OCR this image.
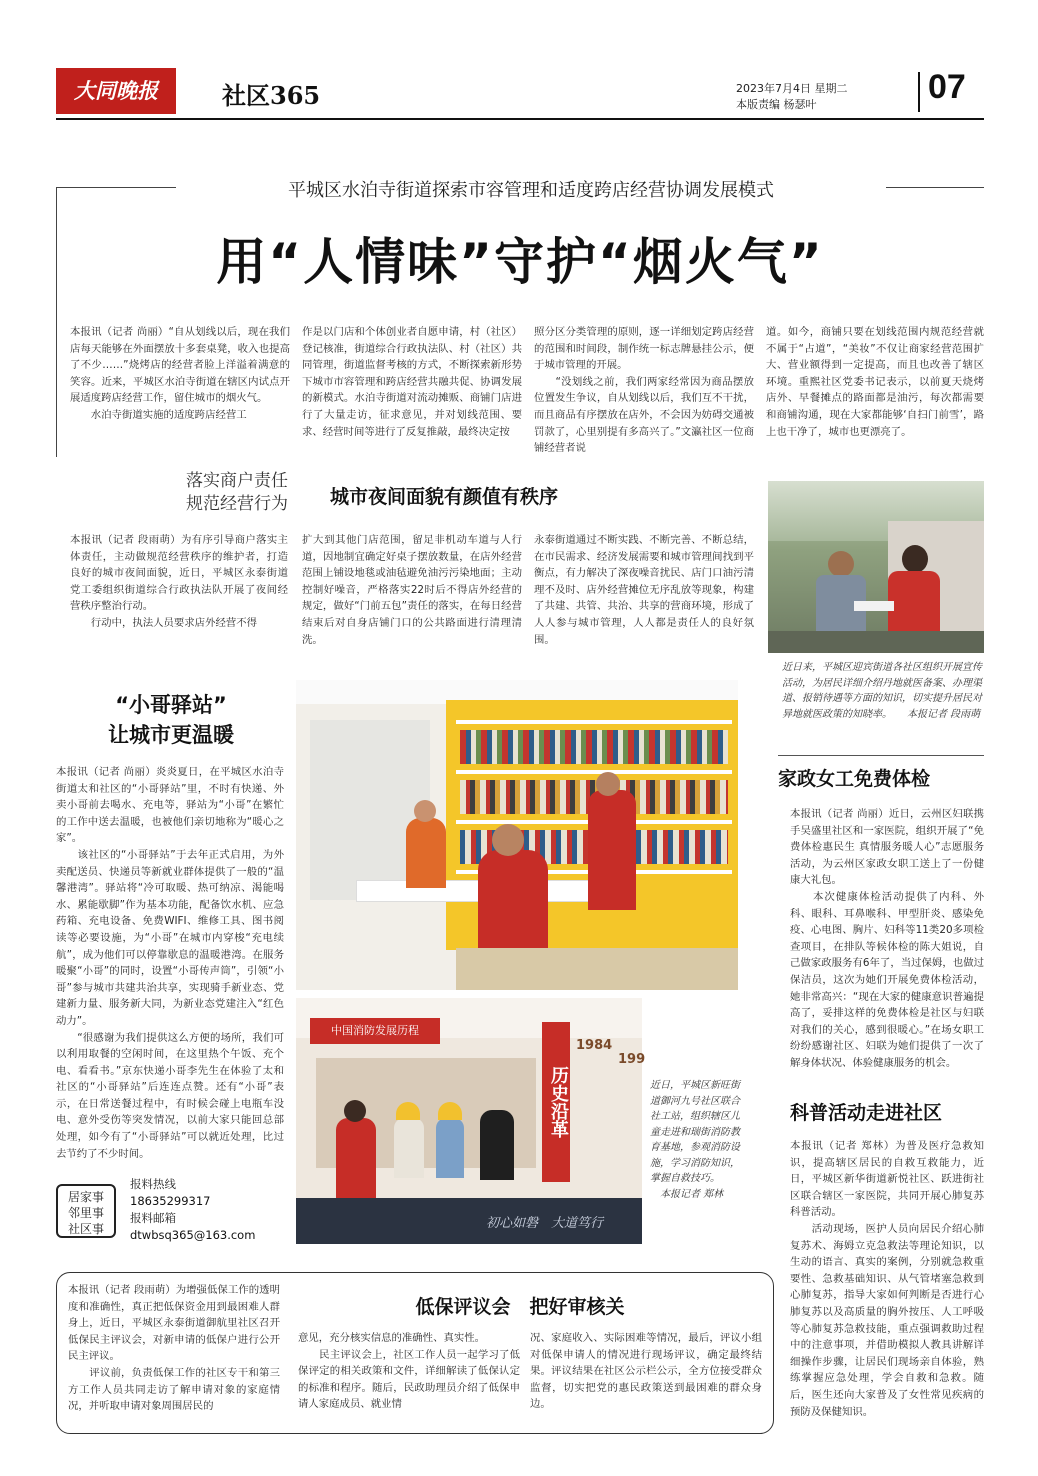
大同晚报	社区365	2023年7月4日 星期二
本版责编 杨瑟叶	07
平城区水泊寺街道探索市容管理和适度跨店经营协调发展模式
用“人情味”守护“烟火气”
本报讯（记者 尚丽）“自从划线以后，现在我们店每天能够在外面摆放十多套桌凳，收入也提高了不少……”烧烤店的经营者脸上洋溢着满意的笑容。近来，平城区水泊寺街道在辖区内试点开展适度跨店经营工作，留住城市的烟火气。
　　水泊寺街道实施的适度跨店经营工
作是以门店和个体创业者自愿申请，村（社区）登记核准，街道综合行政执法队、村（社区）共同管理，街道监督考核的方式，不断探索新形势下城市市容管理和跨店经营共融共促、协调发展的新模式。水泊寺街道对流动摊贩、商铺门店进行了大量走访，征求意见，并对划线范围、要求、经营时间等进行了反复推敲，最终决定按
照分区分类管理的原则，逐一详细划定跨店经营的范围和时间段，制作统一标志牌悬挂公示，便于城市管理的开展。
　　“没划线之前，我们两家经常因为商品摆放位置发生争议，自从划线以后，我们互不干扰，而且商品有序摆放在店外，不会因为妨碍交通被罚款了，心里别提有多高兴了。”文瀛社区一位商铺经营者说
道。如今，商铺只要在划线范围内规范经营就不属于“占道”，“美妆”不仅让商家经营范围扩大、营业额得到一定提高，而且也改善了辖区环境。重熙社区党委书记表示，以前夏天烧烤店外、早餐摊点的路面都是油污，每次都需要和商铺沟通，现在大家都能够‘自扫门前雪’，路上也干净了，城市也更漂亮了。
落实商户责任
规范经营行为	城市夜间面貌有颜值有秩序
本报讯（记者 段雨萌）为有序引导商户落实主体责任，主动做规范经营秩序的维护者，打造良好的城市夜间面貌，近日，平城区永泰街道党工委组织街道综合行政执法队开展了夜间经营秩序整治行动。
　　行动中，执法人员要求店外经营不得
扩大到其他门店范围，留足非机动车道与人行道，因地制宜确定好桌子摆放数量，在店外经营范围上铺设地毯或油毡避免油污污染地面；主动控制好噪音，严格落实22时后不得店外经营的规定，做好“门前五包”责任的落实，在每日经营结束后对自身店铺门口的公共路面进行清理清洗。
永泰街道通过不断实践、不断完善、不断总结，在市民需求、经济发展需要和城市管理间找到平衡点，有力解决了深夜噪音扰民、店门口油污清理不及时、店外经营摊位无序乱放等现象，构建了共建、共管、共治、共享的营商环境，形成了人人参与城市管理，人人都是责任人的良好氛围。
近日来，平城区迎宾街道各社区组织开展宣传活动，为居民详细介绍丹地就医备案、办理渠道、报销待遇等方面的知识，切实提升居民对异地就医政策的知晓率。　　本报记者 段雨萌
“小哥驿站”
让城市更温暖
本报讯（记者 尚丽）炎炎夏日，在平城区水泊寺街道太和社区的“小哥驿站”里，不时有快递、外卖小哥前去喝水、充电等，驿站为“小哥”在繁忙的工作中送去温暖，也被他们亲切地称为“暖心之家”。
　　该社区的“小哥驿站”于去年正式启用，为外卖配送员、快递员等新就业群体提供了一般的“温馨港湾”。驿站将“冷可取暖、热可纳凉、渴能喝水、累能歇脚”作为基本功能，配备饮水机、应急药箱、充电设备、免费WIFI、维修工具、图书阅读等必要设施，为“小哥”在城市内穿梭“充电续航”，成为他们可以停靠歇息的温暖港湾。在服务暖聚“小哥”的同时，设置“小哥传声筒”，引领“小哥”参与城市共建共治共享，实现骑手新业态、党建新力量、服务新大同，为新业态党建注入“红色动力”。
　　“很感谢为我们提供这么方便的场所，我们可以利用取餐的空闲时间，在这里热个午饭、充个电、看看书。”京东快递小哥李先生在体验了太和社区的“小哥驿站”后连连点赞。还有“小哥”表示，在日常送餐过程中，有时候会碰上电瓶车没电、意外受伤等突发情况，以前大家只能回总部处理，如今有了“小哥驿站”可以就近处理，比过去节约了不少时间。
家政女工免费体检
本报讯（记者 尚丽）近日，云州区妇联携手吴盛里社区和一家医院，组织开展了“免费体检惠民生 真情服务暖人心”志愿服务活动，为云州区家政女职工送上了一份健康大礼包。
　　本次健康体检活动提供了内科、外科、眼科、耳鼻喉科、甲型肝炎、感染免疫、心电图、胸片、妇科等11类20多项检查项目，在排队等候体检的陈大姐说，自己做家政服务有6年了，当过保姆，也做过保洁员，这次为她们开展免费体检活动，她非常高兴：“现在大家的健康意识普遍提高了，妥排这样的免费体检是社区与妇联对我们的关心，感到很暖心。”在场女职工纷纷感谢社区、妇联为她们提供了一次了解身体状况、体验健康服务的机会。
科普活动走进社区
本报讯（记者 郑林）为普及医疗急救知识，提高辖区居民的自救互救能力，近日，平城区新华街道新悦社区、跃进街社区联合辖区一家医院，共同开展心肺复苏科普活动。
　　活动现场，医护人员向居民介绍心肺复苏术、海姆立克急救法等理论知识，以生动的语言、真实的案例，分别就急救重要性、急救基础知识、从气管堵塞急救到心肺复苏，指导大家如何判断是否进行心肺复苏以及高质量的胸外按压、人工呼吸等心肺复苏急救技能，重点强调救助过程中的注意事项，并借助模拟人教具讲解详细操作步骤，让居民们现场亲自体验，熟练掌握应急处理，学会自救和急救。随后，医生还向大家普及了女性常见疾病的预防及保健知识。
中国消防发展历程
历史沿革
1984
199
初心如磐　大道笃行
近日，平城区新旺街道御河九号社区联合社工站，组织辖区儿童走进和瑞街消防教育基地，参观消防设施，学习消防知识，掌握自救技巧。
　本报记者 郑林
居家事
邻里事
社区事
报料热线
18635299317
报料邮箱
dtwbsq365@163.com
低保评议会　把好审核关
本报讯（记者 段雨萌）为增强低保工作的透明度和准确性，真正把低保资金用到最困难人群身上，近日，平城区永泰街道御航里社区召开低保民主评议会，对新申请的低保户进行公开民主评议。
　　评议前，负责低保工作的社区专干和第三方工作人员共同走访了解申请对象的家庭情况，并听取申请对象周围居民的
意见，充分核实信息的准确性、真实性。
　　民主评议会上，社区工作人员一起学习了低保评定的相关政策和文件，详细解读了低保认定的标准和程序。随后，民政助理员介绍了低保申请人家庭成员、就业情
况、家庭收入、实际困难等情况，最后，评议小组对低保申请人的情况进行现场评议，确定最终结果。评议结果在社区公示栏公示，全方位接受群众监督，切实把党的惠民政策送到最困难的群众身边。
